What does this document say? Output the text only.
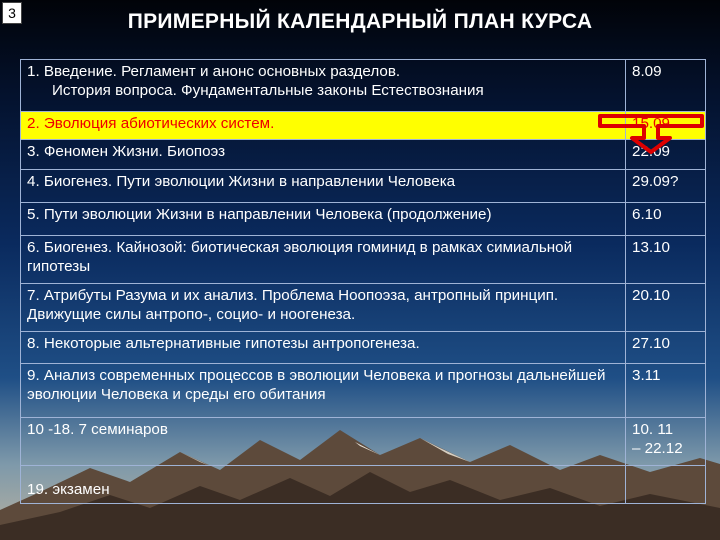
3	ПРИМЕРНЫЙ КАЛЕНДАРНЫЙ ПЛАН КУРСА
1. Введение. Регламент и анонс основных разделов.
История вопроса. Фундаментальные законы Естествознания	8.09
2. Эволюция абиотических систем.	15.09
3. Феномен Жизни. Биопоэз	22.09
4. Биогенез. Пути эволюции Жизни в направлении Человека	29.09?
5. Пути эволюции Жизни в направлении Человека (продолжение)	6.10
6. Биогенез. Кайнозой: биотическая эволюция гоминид в рамках симиальной гипотезы	13.10
7. Атрибуты Разума и их анализ. Проблема Ноопоэза, антропный принцип. Движущие силы антропо-, социо- и ноогенеза.	20.10
8. Некоторые альтернативные гипотезы антропогенеза.	27.10
9. Анализ современных процессов в эволюции Человека и прогнозы дальнейшей эволюции Человека и среды его обитания	3.11
10 -18. 7 семинаров	10. 11
– 22.12
19. экзамен	
